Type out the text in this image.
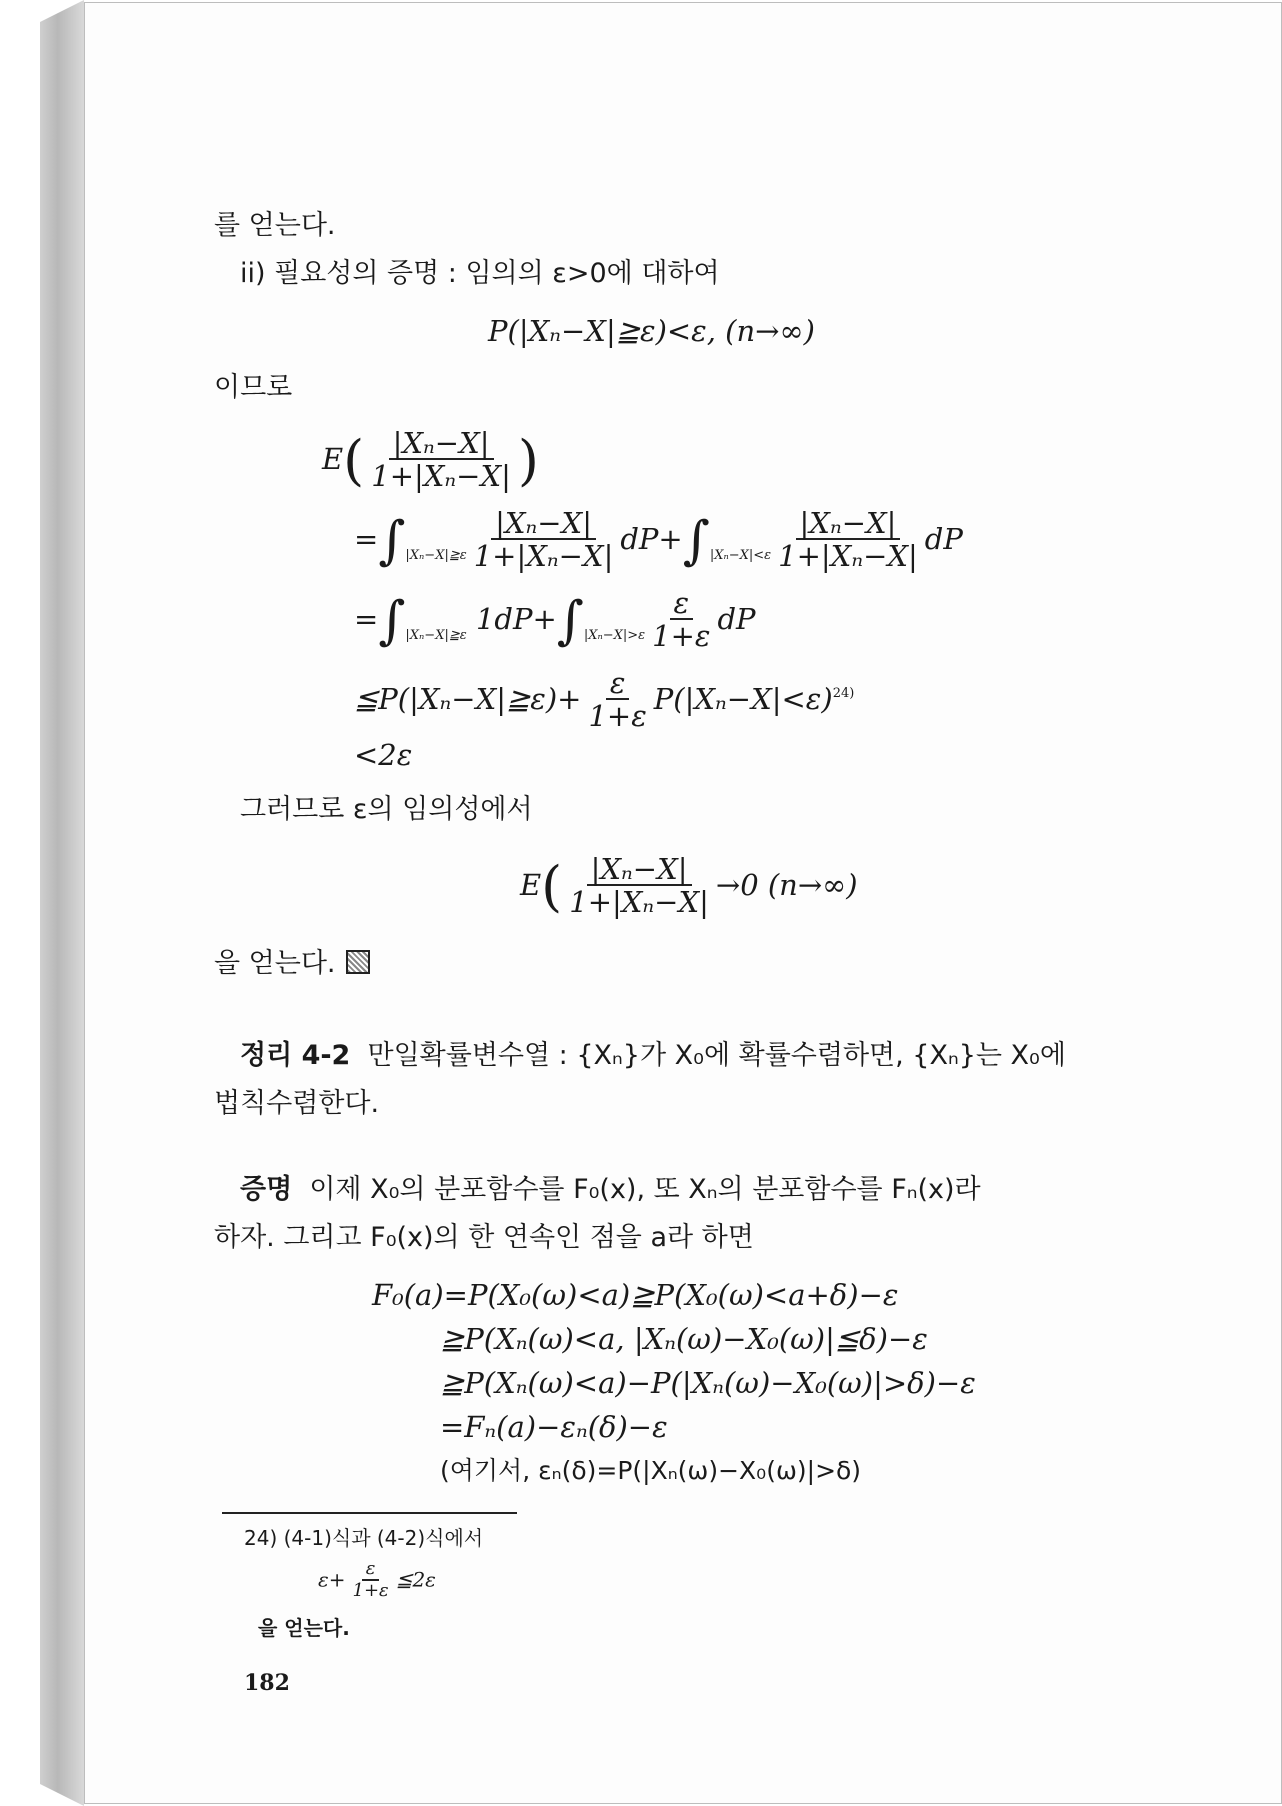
를 얻는다.
ii) 필요성의 증명 : 임의의 ε>0에 대하여
P(|Xₙ−X|≧ε)<ε, (n→∞)
이므로
$E( \frac{\text{|Xₙ−X|}}{\text{1+|Xₙ−X|}}$ )
$=\int_{|X_n-X|≧\varepsilon} \frac{\text{|Xₙ−X|}}{\text{1+|Xₙ−X|}} dP+\int_{|X_n-X|<\varepsilon} \frac{\text{|Xₙ−X|}}{\text{1+|Xₙ−X|}}$ dP
$=\int_{|X_n-X|≧\varepsilon}$ $1dP+\int_{|X_n-X|>\varepsilon} \frac{\varepsilon}{1+\varepsilon}$ dP
≦P(|Xₙ−X|≧ε)+ $\frac{\varepsilon}{1+\varepsilon} P(|X_n-X|<\varepsilon)^{24)}$
<2ε
그러므로 ε의 임의성에서
$E( \frac{\text{|Xₙ−X|}}{\text{1+|Xₙ−X|}} \to 0$ (n→∞)
을 얻는다.
정리 4-2 만일확률변수열 : {Xₙ}가 X₀에 확률수렴하면, {Xₙ}는 X₀에
법칙수렴한다.
증명 이제 X₀의 분포함수를 F₀(x), 또 Xₙ의 분포함수를 Fₙ(x)라
하자. 그리고 F₀(x)의 한 연속인 점을 a라 하면
F₀(a)=P(X₀(ω)<a)≧P(X₀(ω)<a+δ)−ε
≧P(Xₙ(ω)<a, |Xₙ(ω)−X₀(ω)|≦δ)−ε
≧P(Xₙ(ω)<a)−P(|Xₙ(ω)−X₀(ω)|>δ)−ε
=Fₙ(a)−εₙ(δ)−ε
(여기서, εₙ(δ)=P(|Xₙ(ω)−X₀(ω)|>δ)
24) (4-1)식과 (4-2)식에서
$\varepsilon+ \frac{\varepsilon}{1+\varepsilon}$ ≦2ε
을 얻는다.
182
